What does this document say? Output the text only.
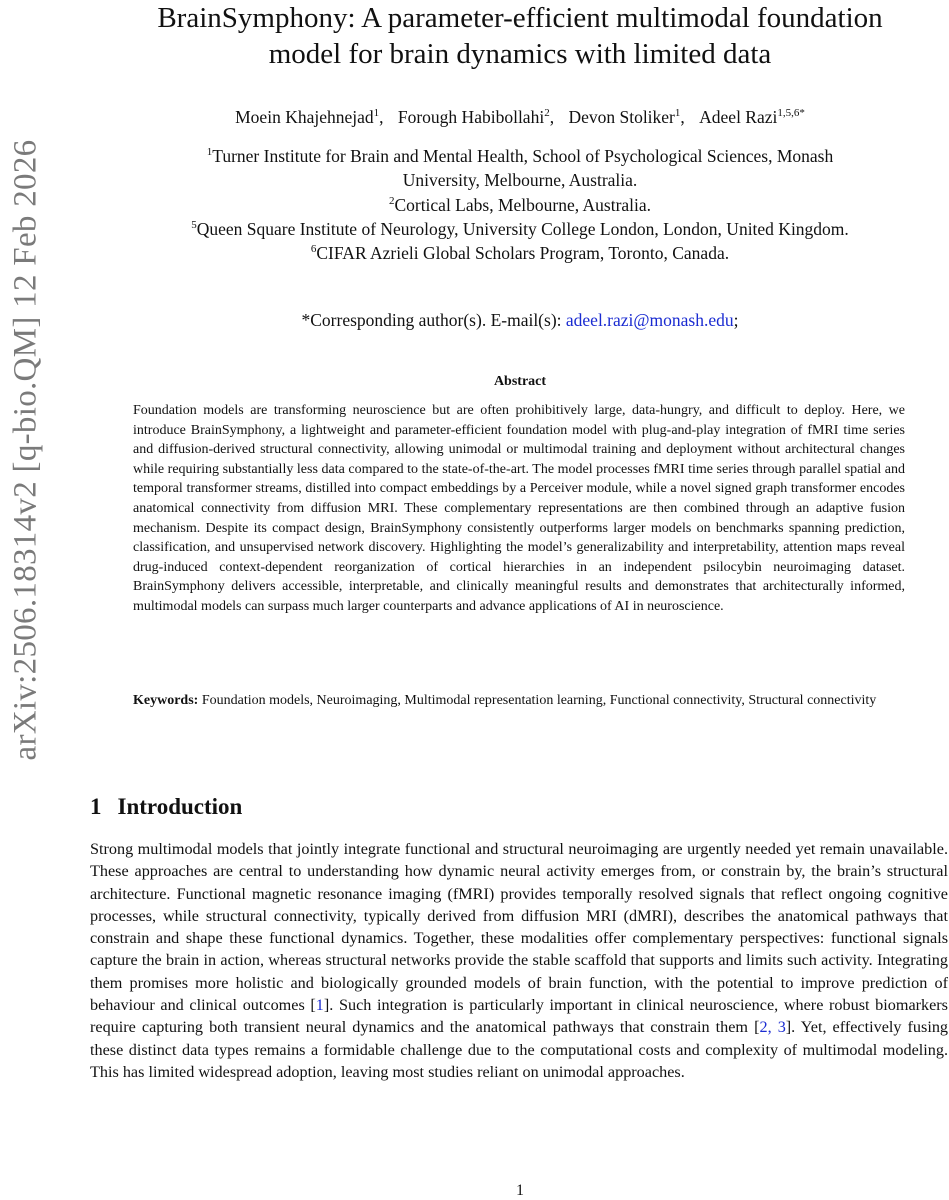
arXiv:2506.18314v2 [q-bio.QM] 12 Feb 2026
BrainSymphony: A parameter-efficient multimodal foundation
model for brain dynamics with limited data
Moein Khajehnejad$^1$, Forough Habibollahi$^2$, Devon Stoliker$^1$, Adeel Razi$^{1,5,6*}$
$^1$Turner Institute for Brain and Mental Health, School of Psychological Sciences, Monash
University, Melbourne, Australia.
$^2$Cortical Labs, Melbourne, Australia.
$^5$Queen Square Institute of Neurology, University College London, London, United Kingdom.
$^6$CIFAR Azrieli Global Scholars Program, Toronto, Canada.
*Corresponding author(s). E-mail(s): adeel.razi@monash.edu;
Abstract
Foundation models are transforming neuroscience but are often prohibitively large, data-hungry, and difficult to deploy. Here, we introduce BrainSymphony, a lightweight and parameter-efficient foundation model with plug-and-play integration of fMRI time series and diffusion-derived structural connectivity, allowing unimodal or multimodal training and deployment without architectural changes while requiring substantially less data compared to the state-of-the-art. The model processes fMRI time series through parallel spatial and temporal transformer streams, distilled into compact embeddings by a Perceiver module, while a novel signed graph transformer encodes anatomical connectivity from diffusion MRI. These complementary representations are then combined through an adaptive fusion mechanism. Despite its compact design, BrainSymphony consistently outperforms larger models on benchmarks spanning prediction, classification, and unsupervised network discovery. Highlighting the model’s generalizability and interpretability, attention maps reveal drug-induced context-dependent reorganization of cortical hierarchies in an independent psilocybin neuroimaging dataset. BrainSymphony delivers accessible, interpretable, and clinically meaningful results and demonstrates that architecturally informed, multimodal models can surpass much larger counterparts and advance applications of AI in neuroscience.
Keywords: Foundation models, Neuroimaging, Multimodal representation learning, Functional connectivity, Structural connectivity
1 Introduction
Strong multimodal models that jointly integrate functional and structural neuroimaging are urgently needed yet remain unavailable. These approaches are central to understanding how dynamic neural activity emerges from, or constrain by, the brain’s structural architecture. Functional magnetic resonance imaging (fMRI) provides temporally resolved signals that reflect ongoing cognitive processes, while structural connectivity, typically derived from diffusion MRI (dMRI), describes the anatomical pathways that constrain and shape these functional dynamics. Together, these modalities offer complementary perspectives: functional signals capture the brain in action, whereas structural networks provide the stable scaffold that supports and limits such activity. Integrating them promises more holistic and biologically grounded models of brain function, with the potential to improve prediction of behaviour and clinical outcomes [1]. Such integration is particularly important in clinical neuroscience, where robust biomarkers require capturing both transient neural dynamics and the anatomical pathways that constrain them [2, 3]. Yet, effectively fusing these distinct data types remains a formidable challenge due to the computational costs and complexity of multimodal modeling. This has limited widespread adoption, leaving most studies reliant on unimodal approaches.
1
